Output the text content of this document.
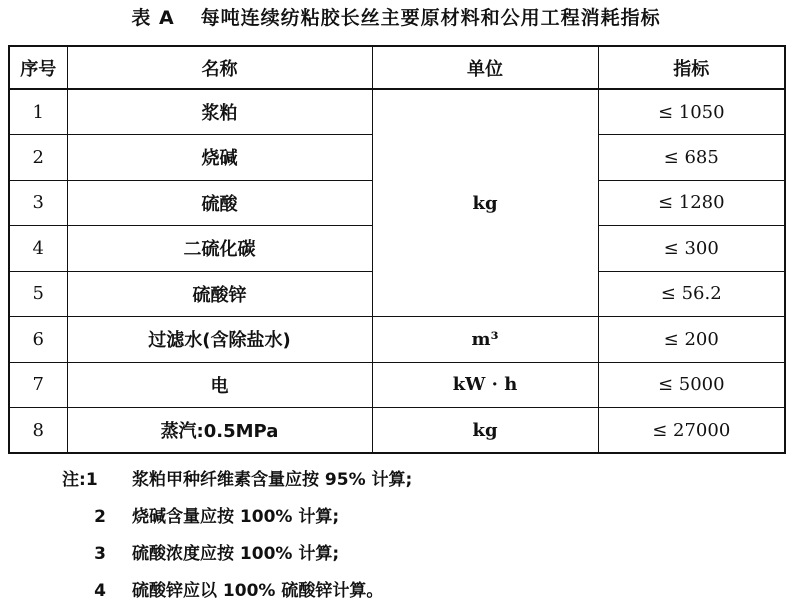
表 A 每吨连续纺粘胶长丝主要原材料和公用工程消耗指标
序号	名称	单位	指标
1	浆粕	kg	≤ 1050
2	烧碱		≤ 685
3	硫酸		≤ 1280
4	二硫化碳		≤ 300
5	硫酸锌		≤ 56.2
6	过滤水(含除盐水)	m³	≤ 200
7	电	kW · h	≤ 5000
8	蒸汽:0.5MPa	kg	≤ 27000
注:1 浆粕甲种纤维素含量应按 95% 计算;
2 烧碱含量应按 100% 计算;
3 硫酸浓度应按 100% 计算;
4 硫酸锌应以 100% 硫酸锌计算。
